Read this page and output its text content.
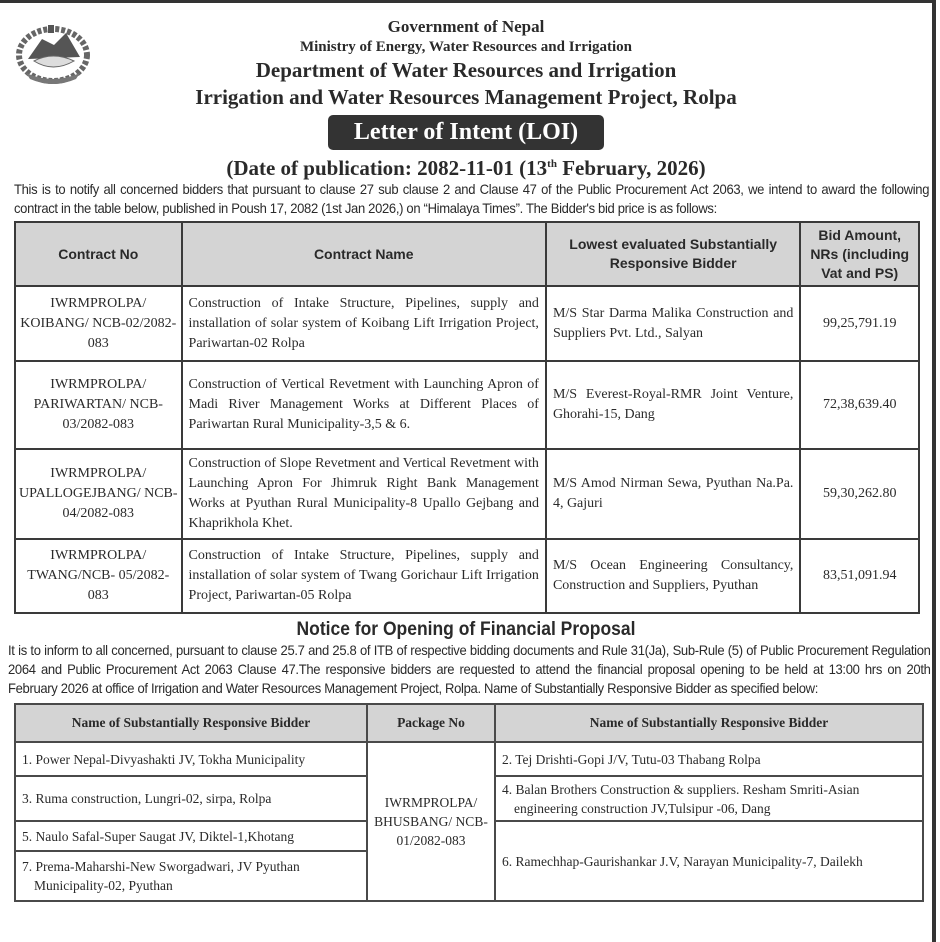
Government of Nepal
Ministry of Energy, Water Resources and Irrigation
Department of Water Resources and Irrigation
Irrigation and Water Resources Management Project, Rolpa
Letter of Intent (LOI)
(Date of publication: 2082-11-01 (13th February, 2026)
This is to notify all concerned bidders that pursuant to clause 27 sub clause 2 and Clause 47 of the Public Procurement Act 2063, we intend to award the following contract in the table below, published in Poush 17, 2082 (1st Jan 2026,) on “Himalaya Times”. The Bidder's bid price is as follows:
Contract No	Contract Name	Lowest evaluated Substantially Responsive Bidder	Bid Amount, NRs (including Vat and PS)
IWRMPROLPA/ KOIBANG/ NCB-02/2082-083	Construction of Intake Structure, Pipelines, supply and installation of solar system of Koibang Lift Irrigation Project, Pariwartan-02 Rolpa	M/S Star Darma Malika Construction and Suppliers Pvt. Ltd., Salyan	99,25,791.19
IWRMPROLPA/ PARIWARTAN/ NCB-03/2082-083	Construction of Vertical Revetment with Launching Apron of Madi River Management Works at Different Places of Pariwartan Rural Municipality-3,5 & 6.	M/S Everest-Royal-RMR Joint Venture, Ghorahi-15, Dang	72,38,639.40
IWRMPROLPA/ UPALLOGEJBANG/ NCB-04/2082-083	Construction of Slope Revetment and Vertical Revetment with Launching Apron For Jhimruk Right Bank Management Works at Pyuthan Rural Municipality-8 Upallo Gejbang and Khaprikhola Khet.	M/S Amod Nirman Sewa, Pyuthan Na.Pa. 4, Gajuri	59,30,262.80
IWRMPROLPA/ TWANG/NCB- 05/2082-083	Construction of Intake Structure, Pipelines, supply and installation of solar system of Twang Gorichaur Lift Irrigation Project, Pariwartan-05 Rolpa	M/S Ocean Engineering Consultancy, Construction and Suppliers, Pyuthan	83,51,091.94
Notice for Opening of Financial Proposal
It is to inform to all concerned, pursuant to clause 25.7 and 25.8 of ITB of respective bidding documents and Rule 31(Ja), Sub-Rule (5) of Public Procurement Regulation 2064 and Public Procurement Act 2063 Clause 47.The responsive bidders are requested to attend the financial proposal opening to be held at 13:00 hrs on 20th February 2026 at office of Irrigation and Water Resources Management Project, Rolpa. Name of Substantially Responsive Bidder as specified below:
Name of Substantially Responsive Bidder	Package No	Name of Substantially Responsive Bidder
1. Power Nepal-Divyashakti JV, Tokha Municipality	IWRMPROLPA/ BHUSBANG/ NCB-01/2082-083	2. Tej Drishti-Gopi J/V, Tutu-03 Thabang Rolpa
3. Ruma construction, Lungri-02, sirpa, Rolpa		4. Balan Brothers Construction & suppliers. Resham Smriti-Asian engineering construction JV,Tulsipur -06, Dang
5. Naulo Safal-Super Saugat JV, Diktel-1,Khotang		6. Ramechhap-Gaurishankar J.V, Narayan Municipality-7, Dailekh
7. Prema-Maharshi-New Sworgadwari, JV Pyuthan Municipality-02, Pyuthan		
